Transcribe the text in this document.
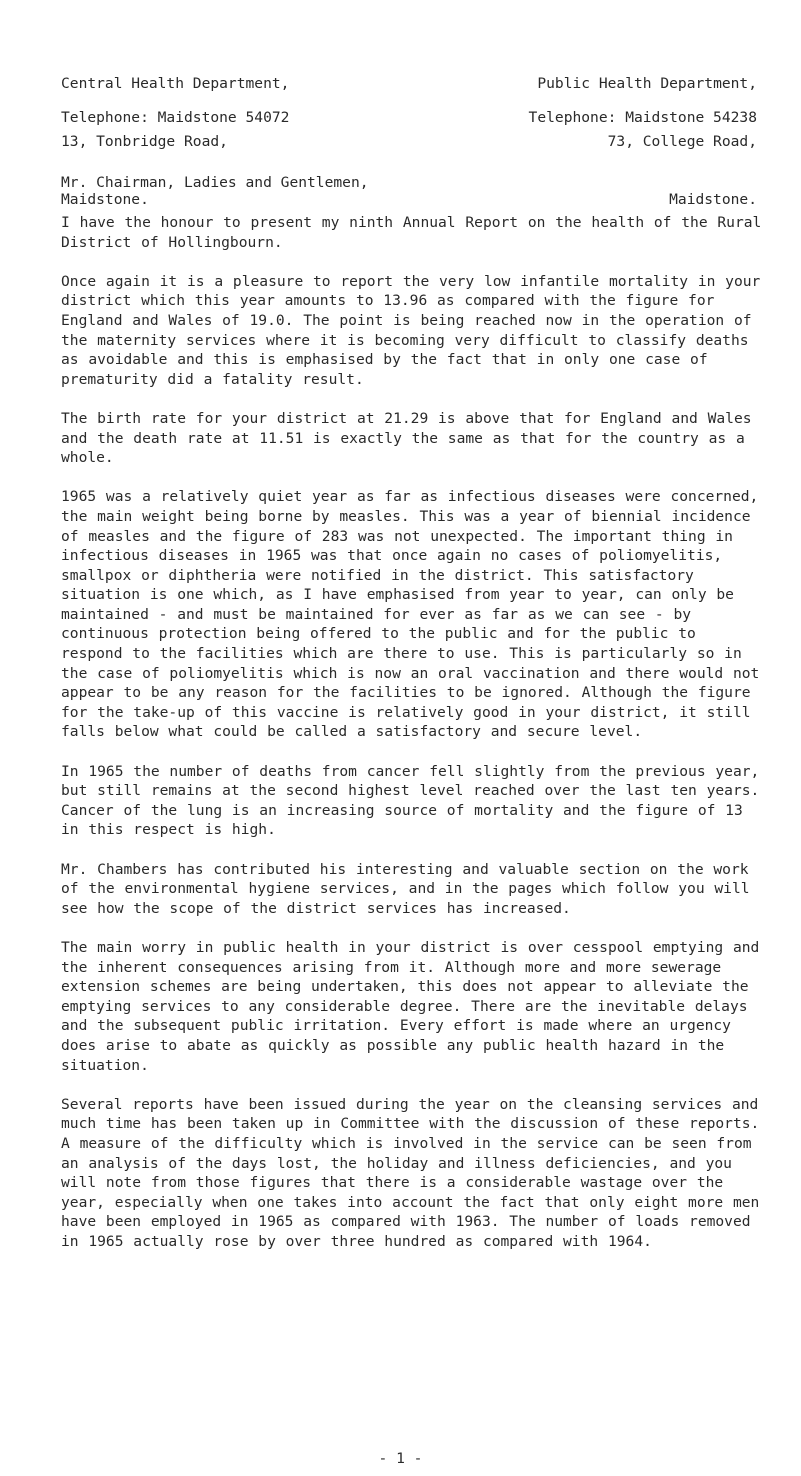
Central Health Department,

13, Tonbridge Road,

Maidstone.

Public Health Department,

73, College Road,

Maidstone.

Telephone: Maidstone 54072	Telephone: Maidstone 54238
Mr. Chairman, Ladies and Gentlemen,

I have the honour to present my ninth Annual Report on the health of the Rural District of Hollingbourn.

Once again it is a pleasure to report the very low infantile mortality in your district which this year amounts to 13.96 as compared with the figure for England and Wales of 19.0. The point is being reached now in the operation of the maternity services where it is becoming very difficult to classify deaths as avoidable and this is emphasised by the fact that in only one case of prematurity did a fatality result.

The birth rate for your district at 21.29 is above that for England and Wales and the death rate at 11.51 is exactly the same as that for the country as a whole.

1965 was a relatively quiet year as far as infectious diseases were concerned, the main weight being borne by measles. This was a year of biennial incidence of measles and the figure of 283 was not unexpected. The important thing in infectious diseases in 1965 was that once again no cases of poliomyelitis, smallpox or diphtheria were notified in the district. This satisfactory situation is one which, as I have emphasised from year to year, can only be maintained - and must be maintained for ever as far as we can see - by continuous protection being offered to the public and for the public to respond to the facilities which are there to use. This is particularly so in the case of poliomyelitis which is now an oral vaccination and there would not appear to be any reason for the facilities to be ignored. Although the figure for the take-up of this vaccine is relatively good in your district, it still falls below what could be called a satisfactory and secure level.

In 1965 the number of deaths from cancer fell slightly from the previous year, but still remains at the second highest level reached over the last ten years. Cancer of the lung is an increasing source of mortality and the figure of 13 in this respect is high.

Mr. Chambers has contributed his interesting and valuable section on the work of the environmental hygiene services, and in the pages which follow you will see how the scope of the district services has increased.

The main worry in public health in your district is over cesspool emptying and the inherent consequences arising from it. Although more and more sewerage extension schemes are being undertaken, this does not appear to alleviate the emptying services to any considerable degree. There are the inevitable delays and the subsequent public irritation. Every effort is made where an urgency does arise to abate as quickly as possible any public health hazard in the situation.

Several reports have been issued during the year on the cleansing services and much time has been taken up in Committee with the discussion of these reports. A measure of the difficulty which is involved in the service can be seen from an analysis of the days lost, the holiday and illness deficiencies, and you will note from those figures that there is a considerable wastage over the year, especially when one takes into account the fact that only eight more men have been employed in 1965 as compared with 1963. The number of loads removed in 1965 actually rose by over three hundred as compared with 1964.

- 1 -
